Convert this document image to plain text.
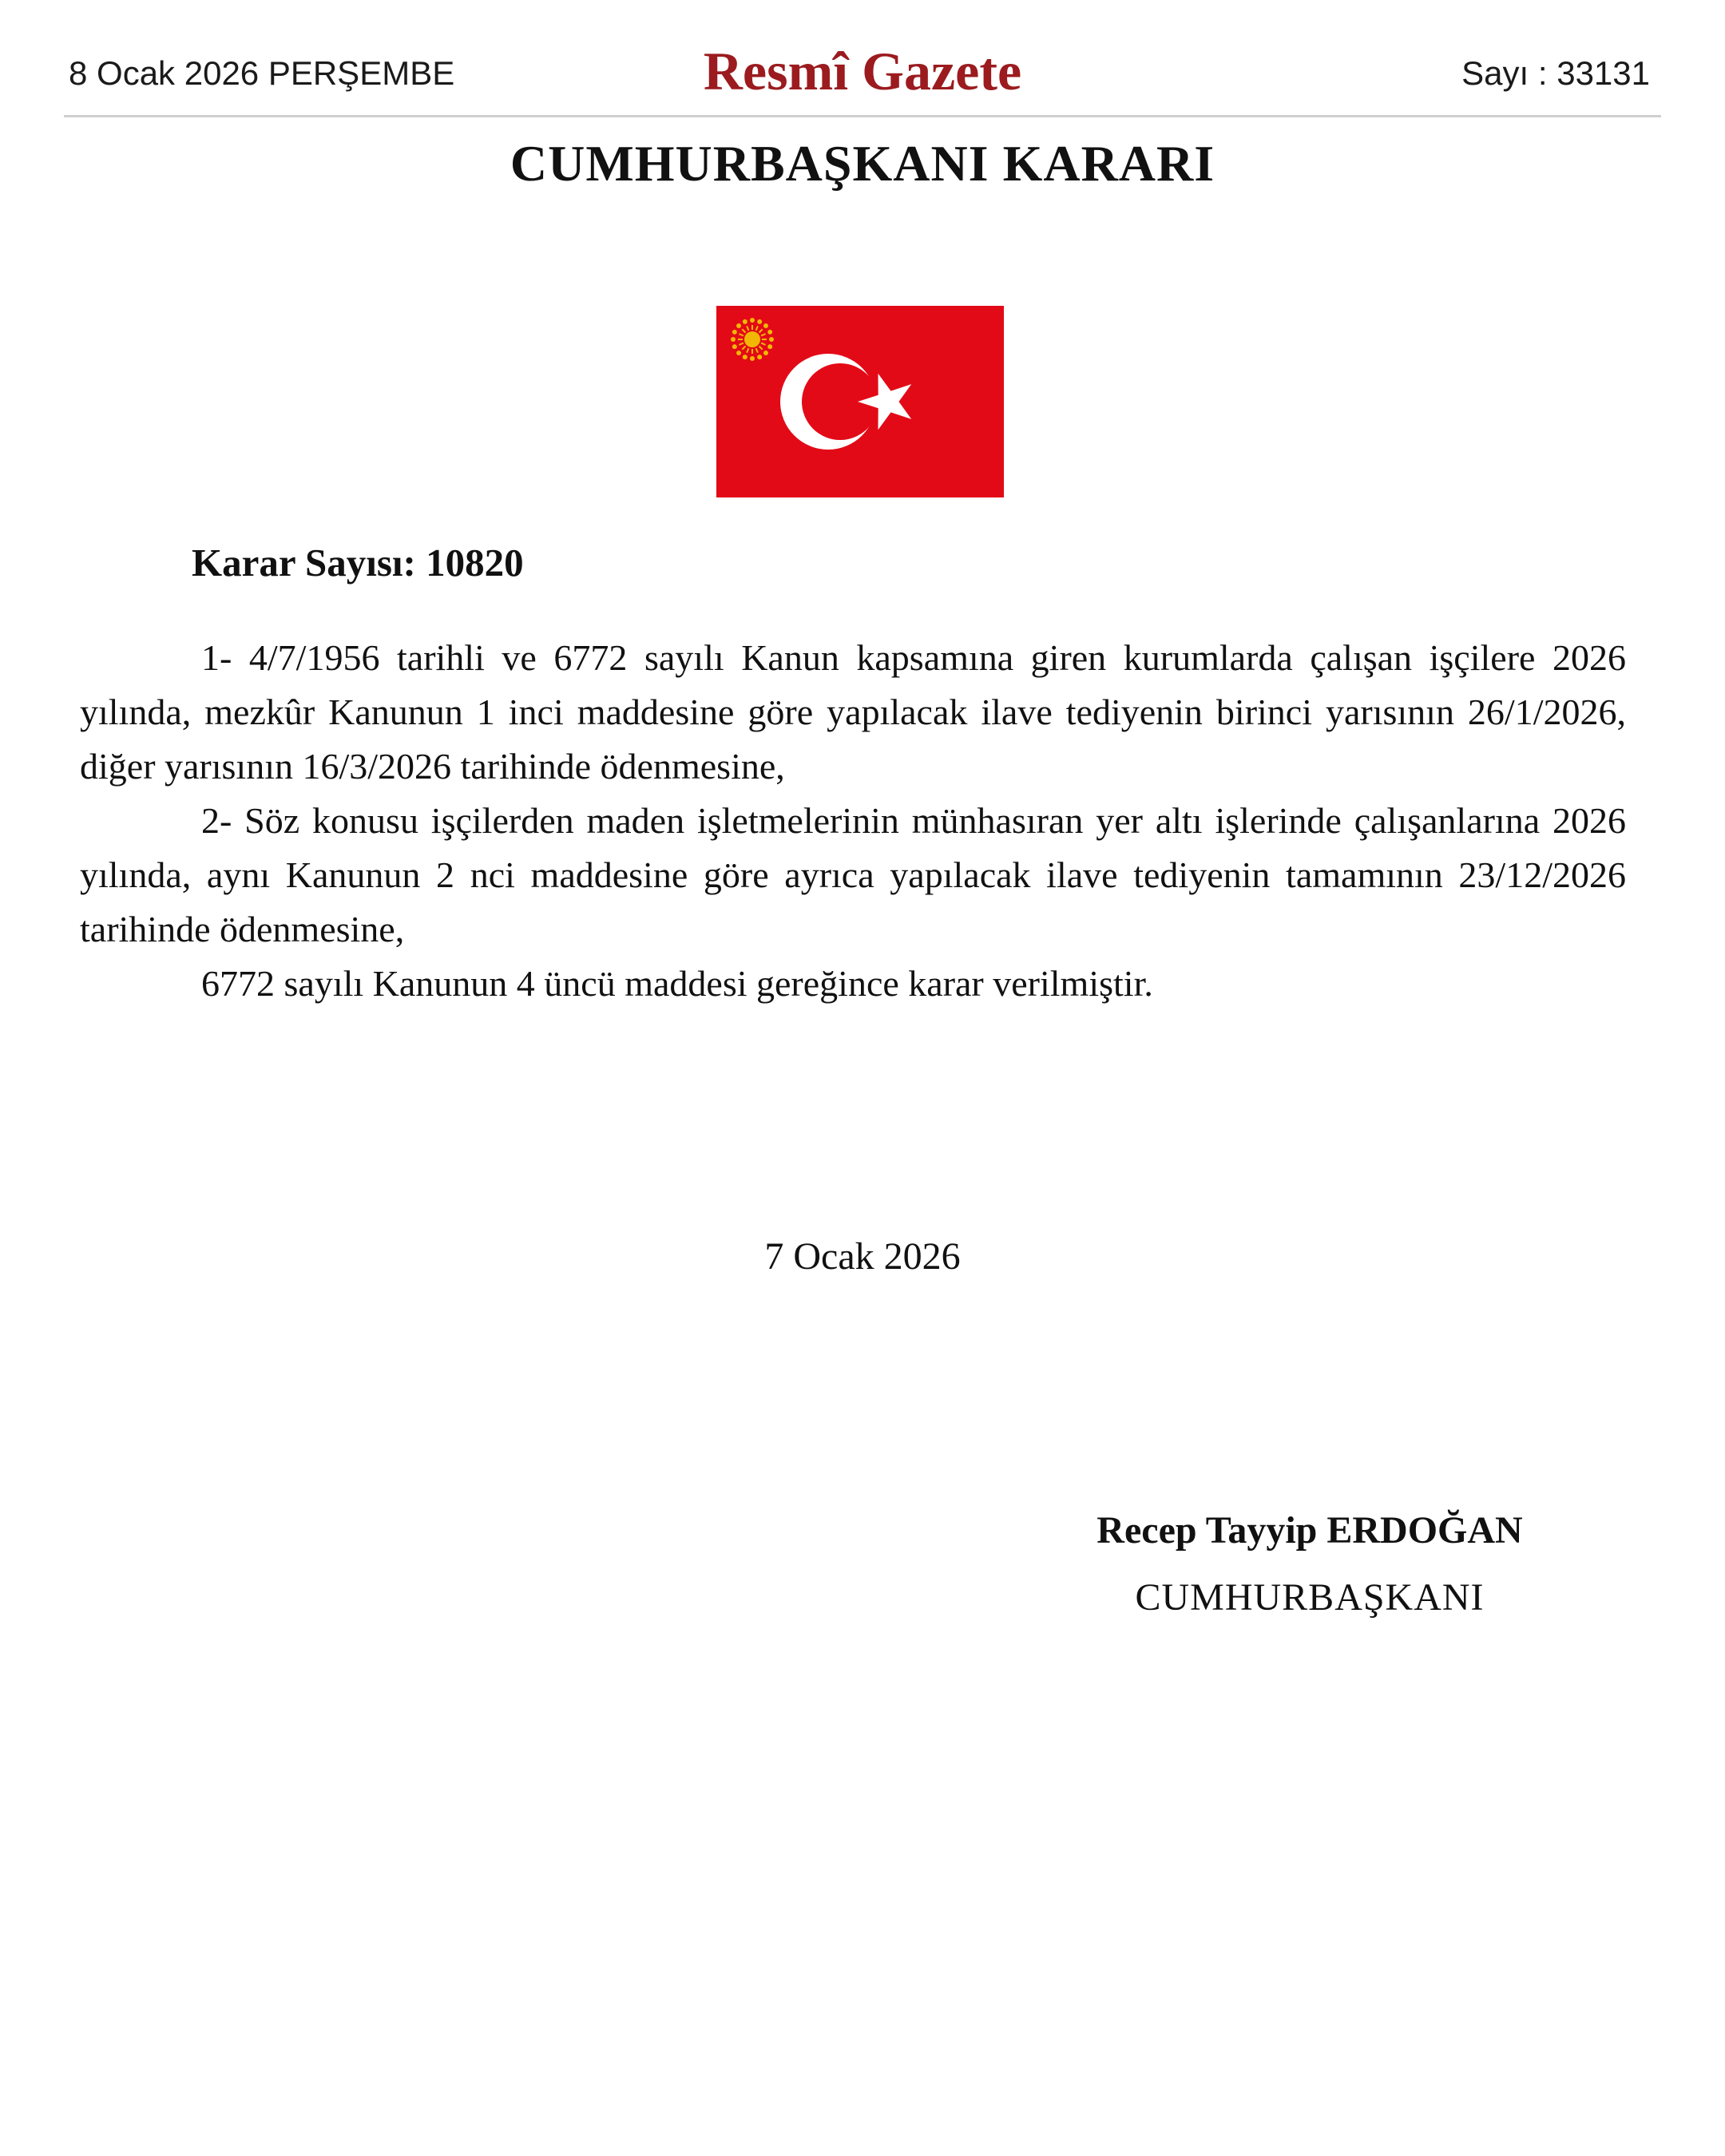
8 Ocak 2026 PERŞEMBE	Resmî Gazete	Sayı : 33131
CUMHURBAŞKANI KARARI
Karar Sayısı: 10820

1- 4/7/1956 tarihli ve 6772 sayılı Kanun kapsamına giren kurumlarda çalışan işçilere 2026 yılında, mezkûr Kanunun 1 inci maddesine göre yapılacak ilave tediyenin birinci yarısının 26/1/2026, diğer yarısının 16/3/2026 tarihinde ödenmesine,

2- Söz konusu işçilerden maden işletmelerinin münhasıran yer altı işlerinde çalışanlarına 2026 yılında, aynı Kanunun 2 nci maddesine göre ayrıca yapılacak ilave tediyenin tamamının 23/12/2026 tarihinde ödenmesine,

6772 sayılı Kanunun 4 üncü maddesi gereğince karar verilmiştir.

7 Ocak 2026
Recep Tayyip ERDOĞAN
CUMHURBAŞKANI
